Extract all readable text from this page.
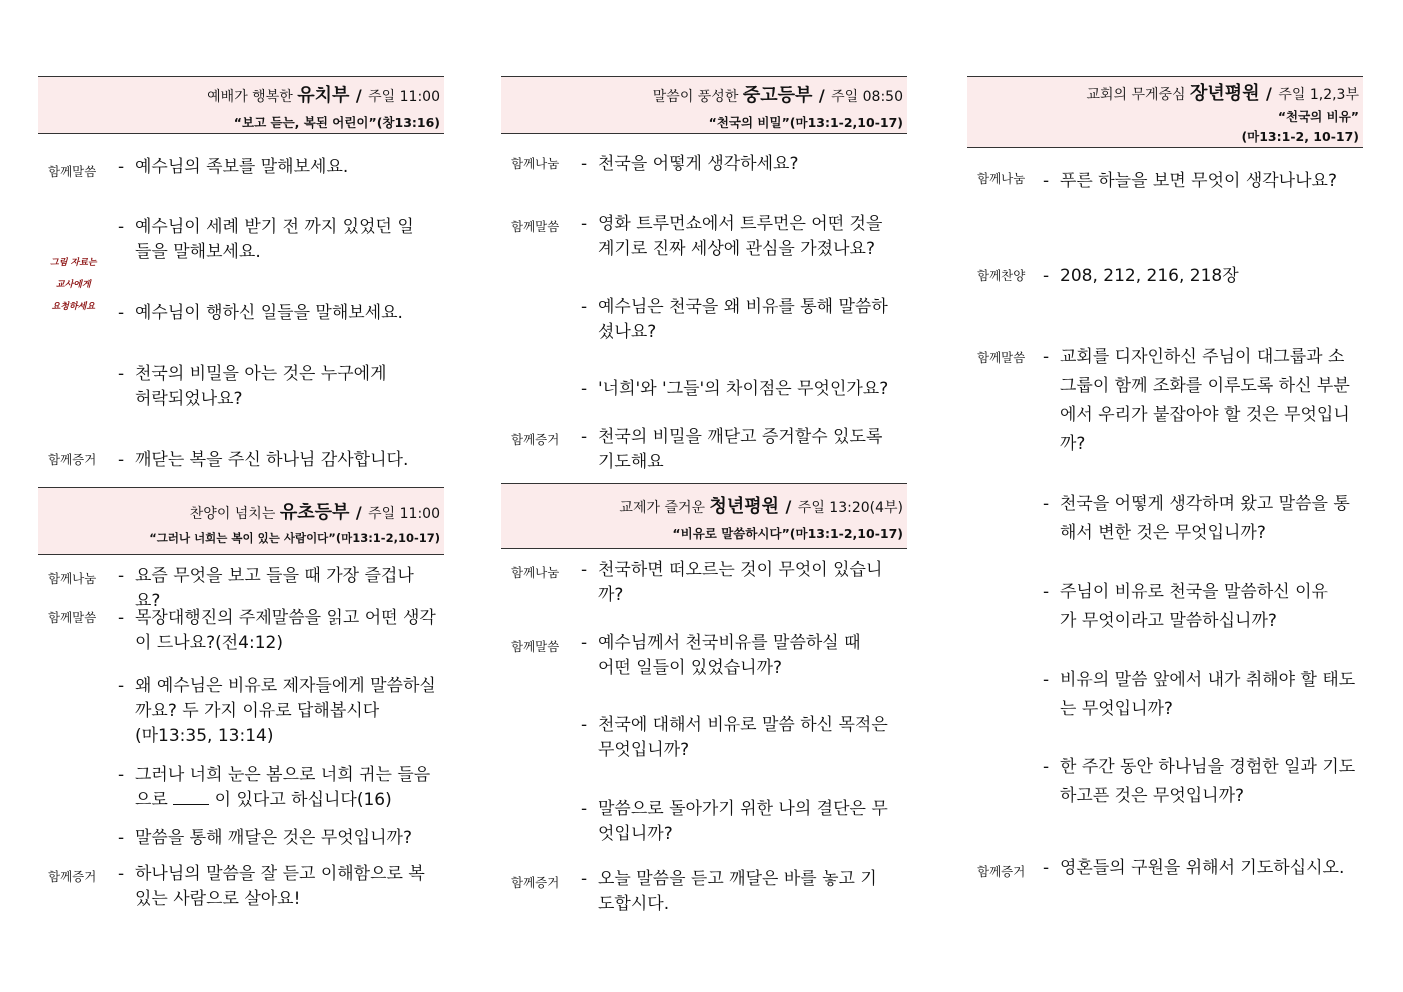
예배가 행복한 유치부 / 주일 11:00
“보고 듣는, 복된 어린이”(창13:16)
함께말씀 - 예수님의 족보를 말해보세요.
- 예수님이 세례 받기 전 까지 있었던 일들을 말해보세요.
그림 자료는
교사에게
요청하세요 - 예수님이 행하신 일들을 말해보세요.
- 천국의 비밀을 아는 것은 누구에게 허락되었나요?
함께증거 - 깨닫는 복을 주신 하나님 감사합니다.
찬양이 넘치는 유초등부 / 주일 11:00
“그러나 너희는 복이 있는 사람이다”(마13:1-2,10-17)
함께나눔 - 요즘 무엇을 보고 들을 때 가장 즐겁나요?
함께말씀 - 목장대행진의 주제말씀을 읽고 어떤 생각이 드나요?(전4:12)
- 왜 예수님은 비유로 제자들에게 말씀하실까요? 두 가지 이유로 답해봅시다
(마13:35, 13:14)
- 그러나 너희 눈은 봄으로 너희 귀는 들음으로	이 있다고 하십니다(16)
- 말씀을 통해 깨달은 것은 무엇입니까?
함께증거 - 하나님의 말씀을 잘 듣고 이해함으로 복있는 사람으로 살아요!
말씀이 풍성한 중고등부 / 주일 08:50
“천국의 비밀”(마13:1-2,10-17)
함께나눔 - 천국을 어떻게 생각하세요?
함께말씀 - 영화 트루먼쇼에서 트루먼은 어떤 것을 계기로 진짜 세상에 관심을 가졌나요?
- 예수님은 천국을 왜 비유를 통해 말씀하셨나요?
- '너희'와 '그들'의 차이점은 무엇인가요?
함께증거 - 천국의 비밀을 깨닫고 증거할수 있도록 기도해요
교제가 즐거운 청년평원 / 주일 13:20(4부)
“비유로 말씀하시다”(마13:1-2,10-17)
함께나눔 - 천국하면 떠오르는 것이 무엇이 있습니까?
함께말씀 - 예수님께서 천국비유를 말씀하실 때 어떤 일들이 있었습니까?
- 천국에 대해서 비유로 말씀 하신 목적은 무엇입니까?
- 말씀으로 돌아가기 위한 나의 결단은 무엇입니까?
함께증거 - 오늘 말씀을 듣고 깨달은 바를 놓고 기도합시다.
교회의 무게중심 장년평원 / 주일 1,2,3부
“천국의 비유”
(마13:1-2, 10-17)
함께나눔 - 푸른 하늘을 보면 무엇이 생각나나요?
함께찬양 - 208, 212, 216, 218장
함께말씀 - 교회를 디자인하신 주님이 대그룹과 소그룹이 함께 조화를 이루도록 하신 부분에서 우리가 붙잡아야 할 것은 무엇입니까?
- 천국을 어떻게 생각하며 왔고 말씀을 통해서 변한 것은 무엇입니까?
- 주님이 비유로 천국을 말씀하신 이유가 무엇이라고 말씀하십니까?
- 비유의 말씀 앞에서 내가 취해야 할 태도는 무엇입니까?
- 한 주간 동안 하나님을 경험한 일과 기도하고픈 것은 무엇입니까?
함께증거 - 영혼들의 구원을 위해서 기도하십시오.
